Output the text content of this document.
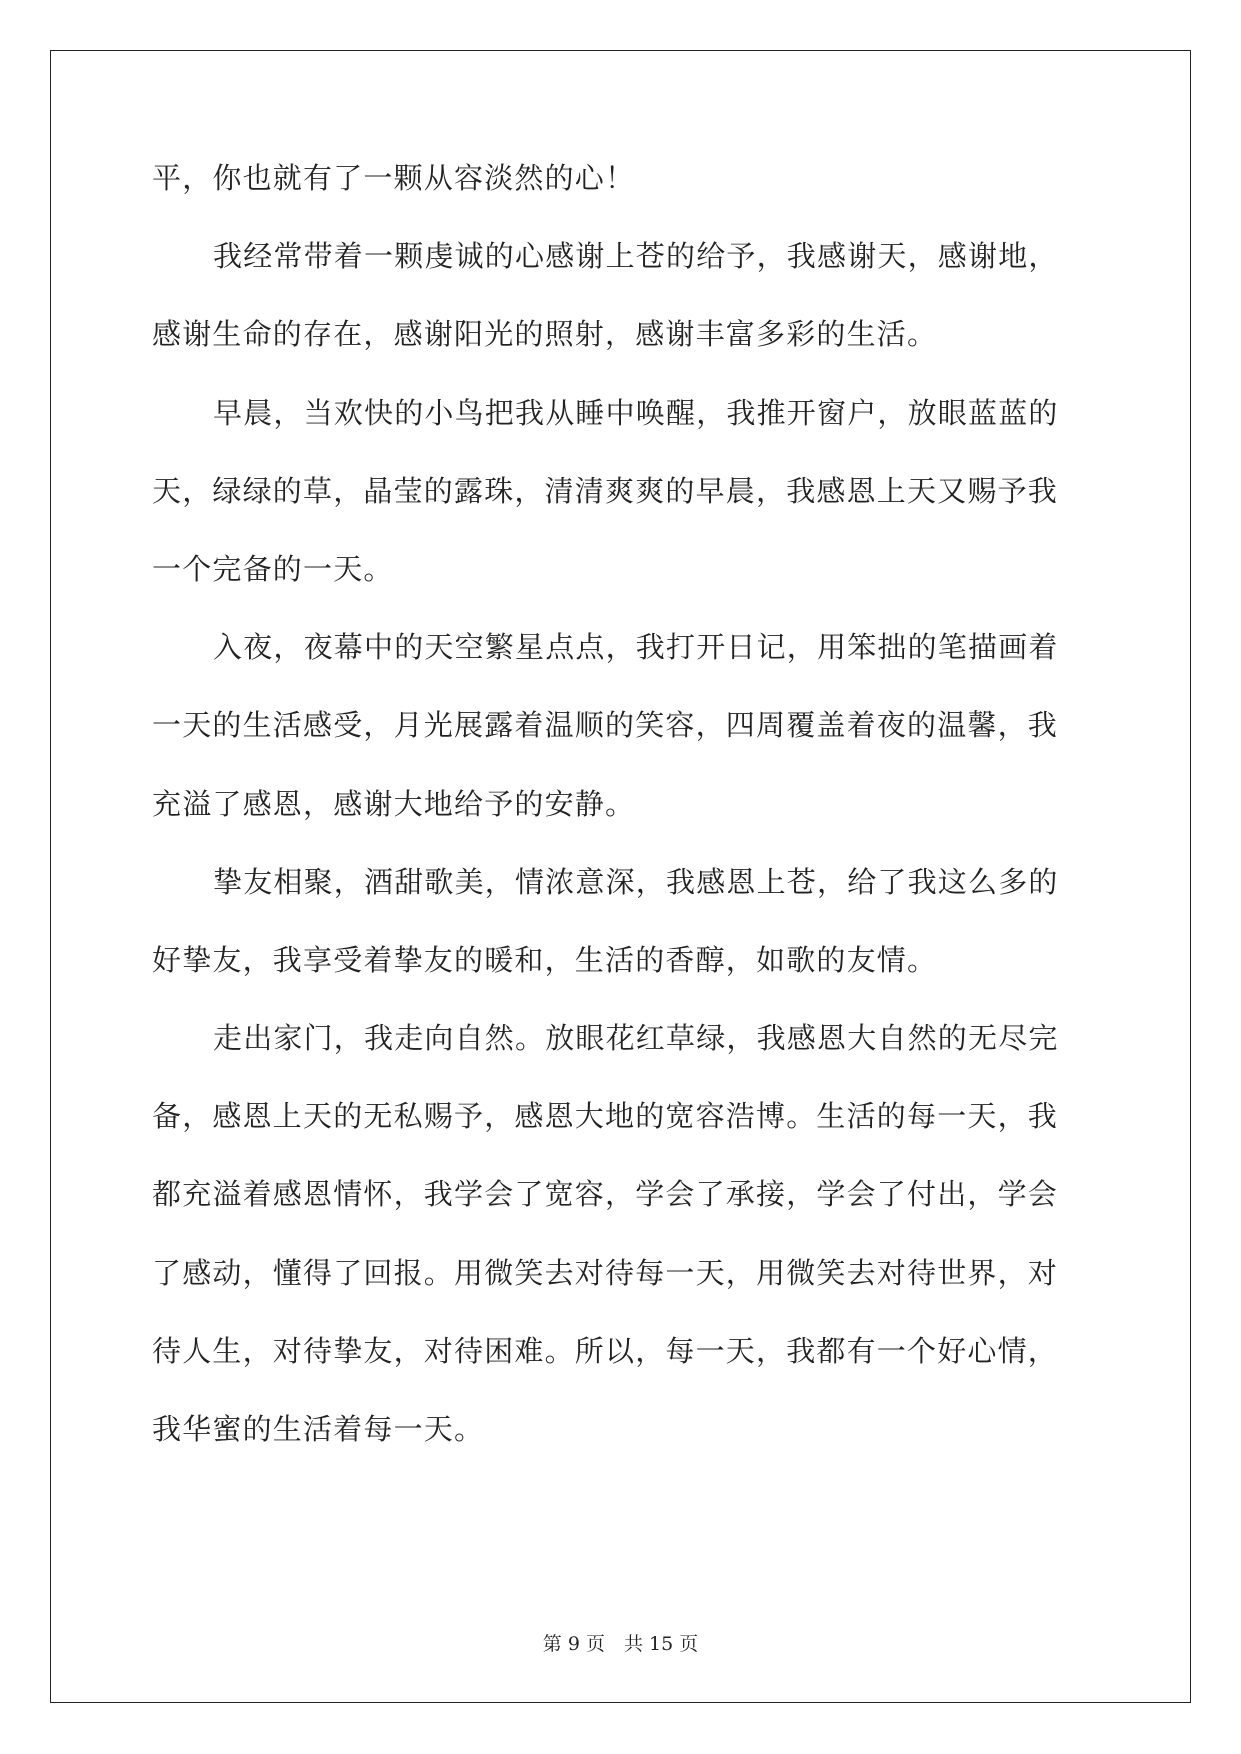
平，你也就有了一颗从容淡然的心！
我经常带着一颗虔诚的心感谢上苍的给予，我感谢天，感谢地，
感谢生命的存在，感谢阳光的照射，感谢丰富多彩的生活。
早晨，当欢快的小鸟把我从睡中唤醒，我推开窗户，放眼蓝蓝的
天，绿绿的草，晶莹的露珠，清清爽爽的早晨，我感恩上天又赐予我
一个完备的一天。
入夜，夜幕中的天空繁星点点，我打开日记，用笨拙的笔描画着
一天的生活感受，月光展露着温顺的笑容，四周覆盖着夜的温馨，我
充溢了感恩，感谢大地给予的安静。
挚友相聚，酒甜歌美，情浓意深，我感恩上苍，给了我这么多的
好挚友，我享受着挚友的暖和，生活的香醇，如歌的友情。
走出家门，我走向自然。放眼花红草绿，我感恩大自然的无尽完
备，感恩上天的无私赐予，感恩大地的宽容浩博。生活的每一天，我
都充溢着感恩情怀，我学会了宽容，学会了承接，学会了付出，学会
了感动，懂得了回报。用微笑去对待每一天，用微笑去对待世界，对
待人生，对待挚友，对待困难。所以，每一天，我都有一个好心情，
我华蜜的生活着每一天。
第 9 页　共 15 页
